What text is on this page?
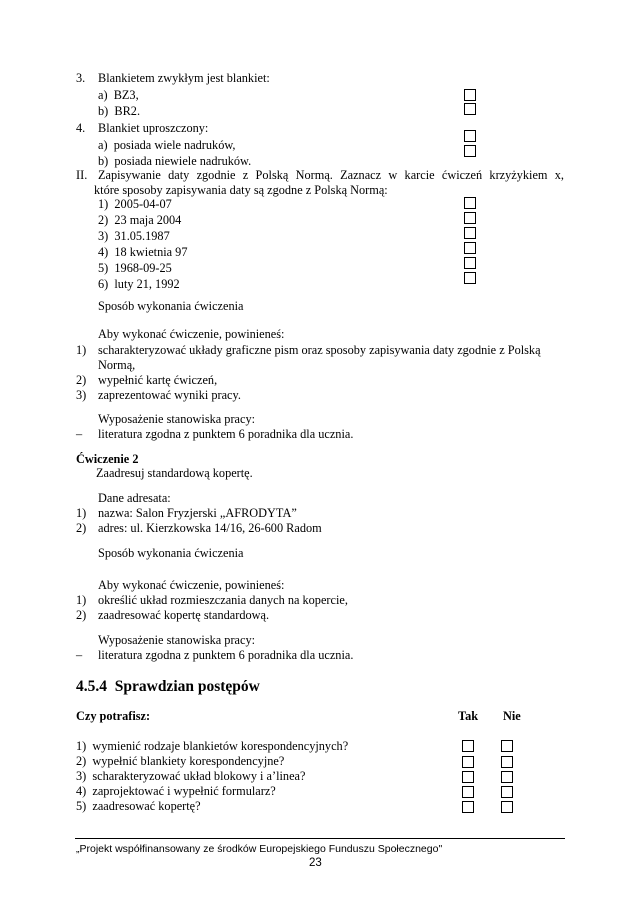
3. Blankietem zwykłym jest blankiet:
a)  BZ3,
b)  BR2.
4. Blankiet uproszczony:
a)  posiada wiele nadruków,
b)  posiada niewiele nadruków.
II. Zapisywanie daty zgodnie z Polską Normą. Zaznacz w karcie ćwiczeń krzyżykiem x,
które sposoby zapisywania daty są zgodne z Polską Normą:
1)  2005-04-07
2)  23 maja 2004
3)  31.05.1987
4)  18 kwietnia 97
5)  1968-09-25
6)  luty 21, 1992
Sposób wykonania ćwiczenia
Aby wykonać ćwiczenie, powinieneś:
1) scharakteryzować układy graficzne pism oraz sposoby zapisywania daty zgodnie z Polską
Normą,
2) wypełnić kartę ćwiczeń,
3) zaprezentować wyniki pracy.
Wyposażenie stanowiska pracy:
– literatura zgodna z punktem 6 poradnika dla ucznia.
Ćwiczenie 2
Zaadresuj standardową kopertę.
Dane adresata:
1) nazwa: Salon Fryzjerski „AFRODYTA”
2) adres: ul. Kierzkowska 14/16, 26-600 Radom
Sposób wykonania ćwiczenia
Aby wykonać ćwiczenie, powinieneś:
1) określić układ rozmieszczania danych na kopercie,
2) zaadresować kopertę standardową.
Wyposażenie stanowiska pracy:
– literatura zgodna z punktem 6 poradnika dla ucznia.
4.5.4  Sprawdzian postępów
Czy potrafisz:	Tak Nie
1)  wymienić rodzaje blankietów korespondencyjnych?
2)  wypełnić blankiety korespondencyjne?
3)  scharakteryzować układ blokowy i a’linea?
4)  zaprojektować i wypełnić formularz?
5)  zaadresować kopertę?
„Projekt współfinansowany ze środków Europejskiego Funduszu Społecznego"
23
